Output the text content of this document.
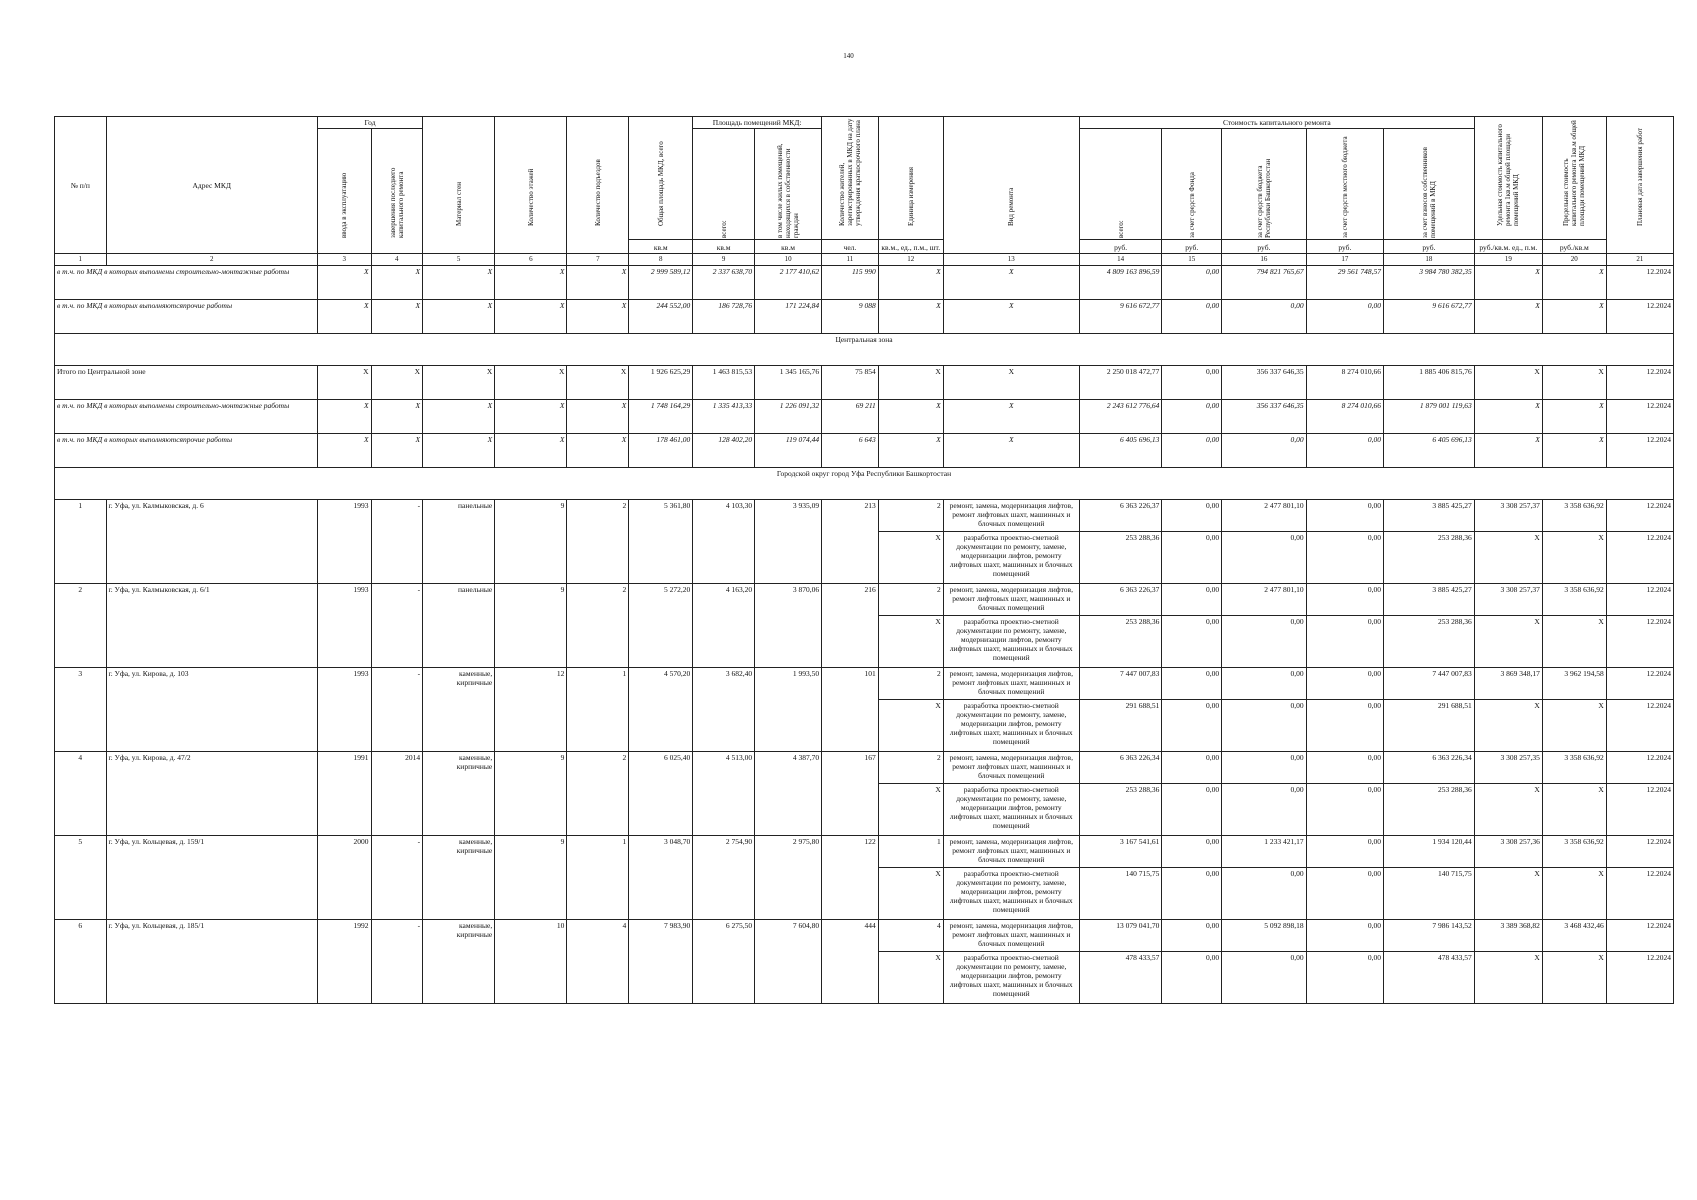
140
№ п/п	Адрес МКД	Год		Материал стен	Количество этажей	Количество подъездов	Общая площадь МКД, всего	Площадь помещений МКД:		Количество жителей, зарегистрированных в МКД на дату утверждения краткосрочного плана	Единица измерения	Вид ремонта	Стоимость капитального ремонта					Удельная стоимость капитального ремонта 1кв.м общей площади помещений МКД	Предельная стоимость капитального ремонта 1кв.м общей площади помещений МКД	Плановая дата завершения работ

		ввода в эксплуатацию	завершения последнего капитального ремонта					всего:	в том числе жилых помещений, находящихся в собственности граждан				всего:	за счет средств Фонда	за счет средств бюджета Республики Башкортостан	за счет средств местного бюджета	за счет взносов собственников помещений в МКД			

							кв.м	кв.м	кв.м	чел.	кв.м., ед., п.м., шт.		руб.	руб.	руб.	руб.	руб.	руб./кв.м. ед., п.м.	руб./кв.м	
1	2	3	4	5	6	7	8	9	10	11	12	13	14	15	16	17	18	19	20	21
в т.ч. по МКД в которых выполнены строительно-монтажные работы		X	X	X	X	X	2 999 589,12	2 337 638,70	2 177 410,62	115 990	X	X	4 809 163 896,59	0,00	794 821 765,67	29 561 748,57	3 984 780 382,35	X	X	12.2024
в т.ч. по МКД в которых выполняютсяпрочие работы		X	X	X	X	X	244 552,00	186 728,76	171 224,84	9 088	X	X	9 616 672,77	0,00	0,00	0,00	9 616 672,77	X	X	12.2024
Центральная зона																				
Итого по Центральной зоне		X	X	X	X	X	1 926 625,29	1 463 815,53	1 345 165,76	75 854	X	X	2 250 018 472,77	0,00	356 337 646,35	8 274 010,66	1 885 406 815,76	X	X	12.2024
в т.ч. по МКД в которых выполнены строительно-монтажные работы		X	X	X	X	X	1 748 164,29	1 335 413,33	1 226 091,32	69 211	X	X	2 243 612 776,64	0,00	356 337 646,35	8 274 010,66	1 879 001 119,63	X	X	12.2024
в т.ч. по МКД в которых выполняютсяпрочие работы		X	X	X	X	X	178 461,00	128 402,20	119 074,44	6 643	X	X	6 405 696,13	0,00	0,00	0,00	6 405 696,13	X	X	12.2024
Городской округ город Уфа Республики Башкортостан																				
1	г. Уфа, ул. Калмыковская, д. 6	1993	-	панельные	9	2	5 361,80	4 103,30	3 935,09	213	2	ремонт, замена, модернизация лифтов, ремонт лифтовых шахт, машинных и блочных помещений	6 363 226,37	0,00	2 477 801,10	0,00	3 885 425,27	3 308 257,37	3 358 636,92	12.2024
											X	разработка проектно-сметной документации по ремонту, замене, модернизации лифтов, ремонту лифтовых шахт, машинных и блочных помещений	253 288,36	0,00	0,00	0,00	253 288,36	X	X	12.2024
2	г. Уфа, ул. Калмыковская, д. 6/1	1993	-	панельные	9	2	5 272,20	4 163,20	3 870,06	216	2	ремонт, замена, модернизация лифтов, ремонт лифтовых шахт, машинных и блочных помещений	6 363 226,37	0,00	2 477 801,10	0,00	3 885 425,27	3 308 257,37	3 358 636,92	12.2024
											X	разработка проектно-сметной документации по ремонту, замене, модернизации лифтов, ремонту лифтовых шахт, машинных и блочных помещений	253 288,36	0,00	0,00	0,00	253 288,36	X	X	12.2024
3	г. Уфа, ул. Кирова, д. 103	1993	-	каменные, кирпичные	12	1	4 570,20	3 682,40	1 993,50	101	2	ремонт, замена, модернизация лифтов, ремонт лифтовых шахт, машинных и блочных помещений	7 447 007,83	0,00	0,00	0,00	7 447 007,83	3 869 348,17	3 962 194,58	12.2024
											X	разработка проектно-сметной документации по ремонту, замене, модернизации лифтов, ремонту лифтовых шахт, машинных и блочных помещений	291 688,51	0,00	0,00	0,00	291 688,51	X	X	12.2024
4	г. Уфа, ул. Кирова, д. 47/2	1991	2014	каменные, кирпичные	9	2	6 025,40	4 513,00	4 387,70	167	2	ремонт, замена, модернизация лифтов, ремонт лифтовых шахт, машинных и блочных помещений	6 363 226,34	0,00	0,00	0,00	6 363 226,34	3 308 257,35	3 358 636,92	12.2024
											X	разработка проектно-сметной документации по ремонту, замене, модернизации лифтов, ремонту лифтовых шахт, машинных и блочных помещений	253 288,36	0,00	0,00	0,00	253 288,36	X	X	12.2024
5	г. Уфа, ул. Кольцевая, д. 159/1	2000	-	каменные, кирпичные	9	1	3 048,70	2 754,90	2 975,80	122	1	ремонт, замена, модернизация лифтов, ремонт лифтовых шахт, машинных и блочных помещений	3 167 541,61	0,00	1 233 421,17	0,00	1 934 120,44	3 308 257,36	3 358 636,92	12.2024
											X	разработка проектно-сметной документации по ремонту, замене, модернизации лифтов, ремонту лифтовых шахт, машинных и блочных помещений	140 715,75	0,00	0,00	0,00	140 715,75	X	X	12.2024
6	г. Уфа, ул. Кольцевая, д. 185/1	1992	-	каменные, кирпичные	10	4	7 983,90	6 275,50	7 604,80	444	4	ремонт, замена, модернизация лифтов, ремонт лифтовых шахт, машинных и блочных помещений	13 079 041,70	0,00	5 092 898,18	0,00	7 986 143,52	3 389 368,82	3 468 432,46	12.2024
											X	разработка проектно-сметной документации по ремонту, замене, модернизации лифтов, ремонту лифтовых шахт, машинных и блочных помещений	478 433,57	0,00	0,00	0,00	478 433,57	X	X	12.2024
